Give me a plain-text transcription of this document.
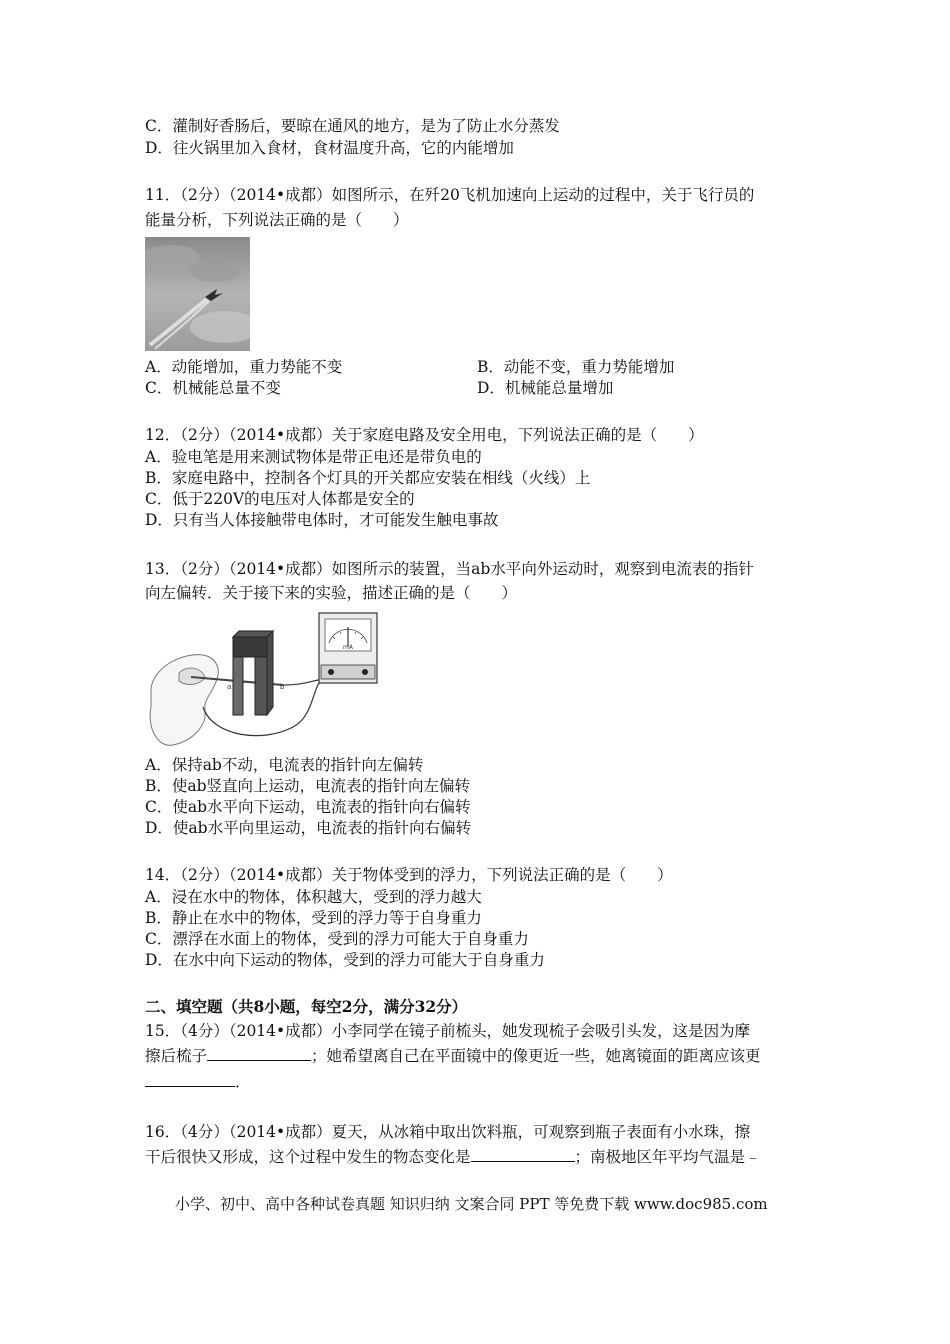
C．灌制好香肠后，要晾在通风的地方，是为了防止水分蒸发
D．往火锅里加入食材，食材温度升高，它的内能增加
11．（2分）（2014•成都）如图所示，在歼20飞机加速向上运动的过程中，关于飞行员的
能量分析，下列说法正确的是（　　）
A．动能增加，重力势能不变	B．动能不变，重力势能增加
C．机械能总量不变	D．机械能总量增加
12．（2分）（2014•成都）关于家庭电路及安全用电，下列说法正确的是（　　）
A．验电笔是用来测试物体是带正电还是带负电的
B．家庭电路中，控制各个灯具的开关都应安装在相线（火线）上
C．低于220V的电压对人体都是安全的
D．只有当人体接触带电体时，才可能发生触电事故
13．（2分）（2014•成都）如图所示的装置，当ab水平向外运动时，观察到电流表的指针
向左偏转．关于接下来的实验，描述正确的是（　　）
a	b
mA
A．保持ab不动，电流表的指针向左偏转
B．使ab竖直向上运动，电流表的指针向左偏转
C．使ab水平向下运动，电流表的指针向右偏转
D．使ab水平向里运动，电流表的指针向右偏转
14．（2分）（2014•成都）关于物体受到的浮力，下列说法正确的是（　　）
A．浸在水中的物体，体积越大，受到的浮力越大
B．静止在水中的物体，受到的浮力等于自身重力
C．漂浮在水面上的物体，受到的浮力可能大于自身重力
D．在水中向下运动的物体，受到的浮力可能大于自身重力
二、填空题（共8小题，每空2分，满分32分）
15．（4分）（2014•成都）小李同学在镜子前梳头，她发现梳子会吸引头发，这是因为摩
擦后梳子	；她希望离自己在平面镜中的像更近一些，她离镜面的距离应该更
．
16．（4分）（2014•成都）夏天，从冰箱中取出饮料瓶，可观察到瓶子表面有小水珠，擦
干后很快又形成，这个过程中发生的物态变化是	；南极地区年平均气温是﹣
小学、初中、高中各种试卷真题 知识归纳 文案合同 PPT 等免费下载 www.doc985.com
